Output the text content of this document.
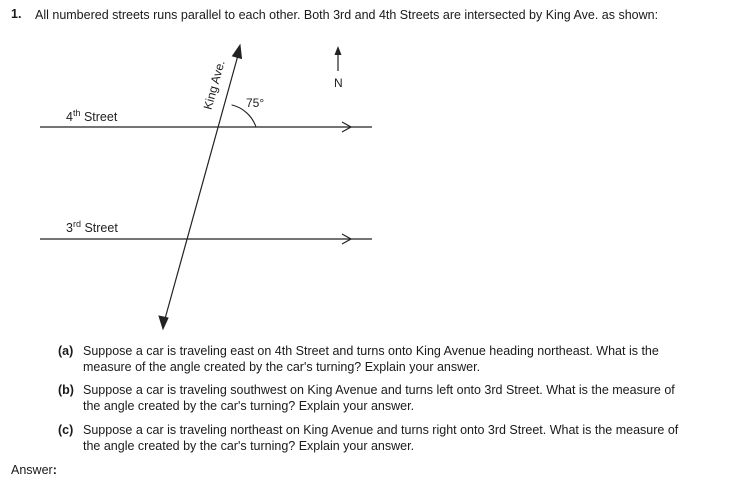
1. All numbered streets runs parallel to each other. Both 3rd and 4th Streets are intersected by King Ave. as shown:
75°
King Ave.
4th Street
3rd Street
N
(a) Suppose a car is traveling east on 4th Street and turns onto King Avenue heading northeast. What is the measure of the angle created by the car's turning? Explain your answer.
(b) Suppose a car is traveling southwest on King Avenue and turns left onto 3rd Street. What is the measure of the angle created by the car's turning? Explain your answer.
(c) Suppose a car is traveling northeast on King Avenue and turns right onto 3rd Street. What is the measure of the angle created by the car's turning? Explain your answer.
Answer:
